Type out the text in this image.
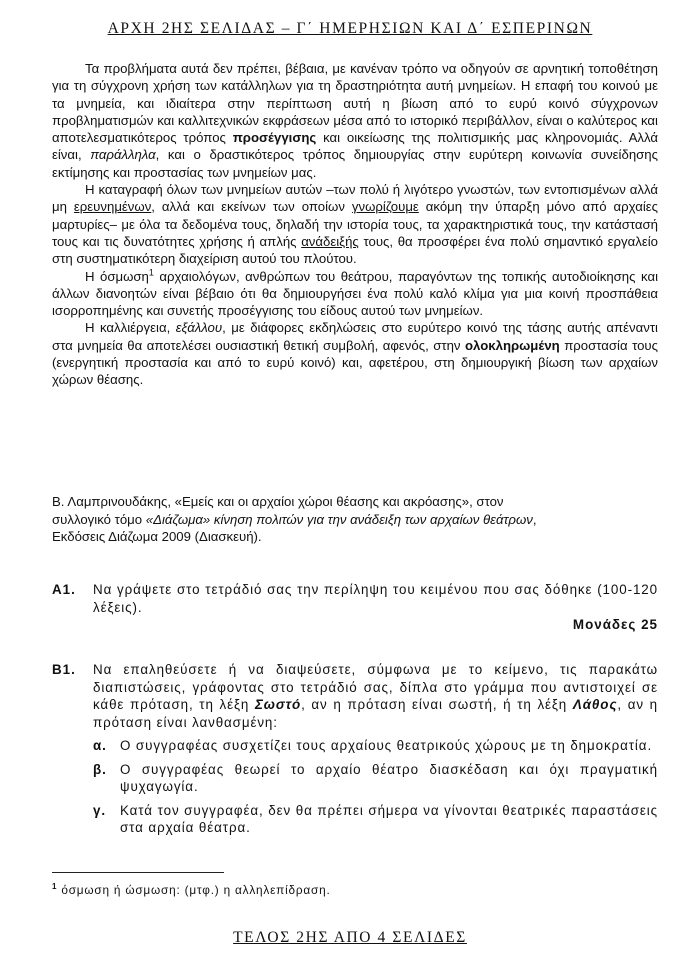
ΑΡΧΗ 2ΗΣ ΣΕΛΙΔΑΣ – Γ΄ ΗΜΕΡΗΣΙΩΝ ΚΑΙ Δ΄ ΕΣΠΕΡΙΝΩΝ

Τα προβλήματα αυτά δεν πρέπει, βέβαια, με κανέναν τρόπο να οδηγούν σε αρνητική τοποθέτηση για τη σύγχρονη χρήση των κατάλληλων για τη δραστηριότητα αυτή μνημείων. Η επαφή του κοινού με τα μνημεία, και ιδιαίτερα στην περίπτωση αυτή η βίωση από το ευρύ κοινό σύγχρονων προβληματισμών και καλλιτεχνικών εκφράσεων μέσα από το ιστορικό περιβάλλον, είναι ο καλύτερος και αποτελεσματικότερος τρόπος προσέγγισης και οικείωσης της πολιτισμικής μας κληρονομιάς. Αλλά είναι, παράλληλα, και ο δραστικότερος τρόπος δημιουργίας στην ευρύτερη κοινωνία συνείδησης εκτίμησης και προστασίας των μνημείων μας.

Η καταγραφή όλων των μνημείων αυτών –των πολύ ή λιγότερο γνωστών, των εντοπισμένων αλλά μη ερευνημένων, αλλά και εκείνων των οποίων γνωρίζουμε ακόμη την ύπαρξη μόνο από αρχαίες μαρτυρίες– με όλα τα δεδομένα τους, δηλαδή την ιστορία τους, τα χαρακτηριστικά τους, την κατάστασή τους και τις δυνατότητες χρήσης ή απλής ανάδειξής τους, θα προσφέρει ένα πολύ σημαντικό εργαλείο στη συστηματικότερη διαχείριση αυτού του πλούτου.

Η όσμωση$^1$ αρχαιολόγων, ανθρώπων του θεάτρου, παραγόντων της τοπικής αυτοδιοίκησης και άλλων διανοητών είναι βέβαιο ότι θα δημιουργήσει ένα πολύ καλό κλίμα για μια κοινή προσπάθεια ισορροπημένης και συνετής προσέγγισης του είδους αυτού των μνημείων.

Η καλλιέργεια, εξάλλου, με διάφορες εκδηλώσεις στο ευρύτερο κοινό της τάσης αυτής απέναντι στα μνημεία θα αποτελέσει ουσιαστική θετική συμβολή, αφενός, στην ολοκληρωμένη προστασία τους (ενεργητική προστασία και από το ευρύ κοινό) και, αφετέρου, στη δημιουργική βίωση των αρχαίων χώρων θέασης.

Β. Λαμπρινουδάκης, «Εμείς και οι αρχαίοι χώροι θέασης και ακρόασης», στον
συλλογικό τόμο «Διάζωμα» κίνηση πολιτών για την ανάδειξη των αρχαίων θεάτρων,
Εκδόσεις Διάζωμα 2009 (Διασκευή).
Α1. Να γράψετε στο τετράδιό σας την περίληψη του κειμένου που σας δόθηκε (100-120 λέξεις).
Μονάδες 25
Β1. Να επαληθεύσετε ή να διαψεύσετε, σύμφωνα με το κείμενο, τις παρακάτω διαπιστώσεις, γράφοντας στο τετράδιό σας, δίπλα στο γράμμα που αντιστοιχεί σε κάθε πρόταση, τη λέξη Σωστό, αν η πρόταση είναι σωστή, ή τη λέξη Λάθος, αν η πρόταση είναι λανθασμένη:
α. Ο συγγραφέας συσχετίζει τους αρχαίους θεατρικούς χώρους με τη δημοκρατία.
β. Ο συγγραφέας θεωρεί το αρχαίο θέατρο διασκέδαση και όχι πραγματική ψυχαγωγία.
γ. Κατά τον συγγραφέα, δεν θα πρέπει σήμερα να γίνονται θεατρικές παραστάσεις στα αρχαία θέατρα.
$^1$ όσμωση ή ώσμωση: (μτφ.) η αλληλεπίδραση.
ΤΕΛΟΣ 2ΗΣ ΑΠΟ 4 ΣΕΛΙΔΕΣ
